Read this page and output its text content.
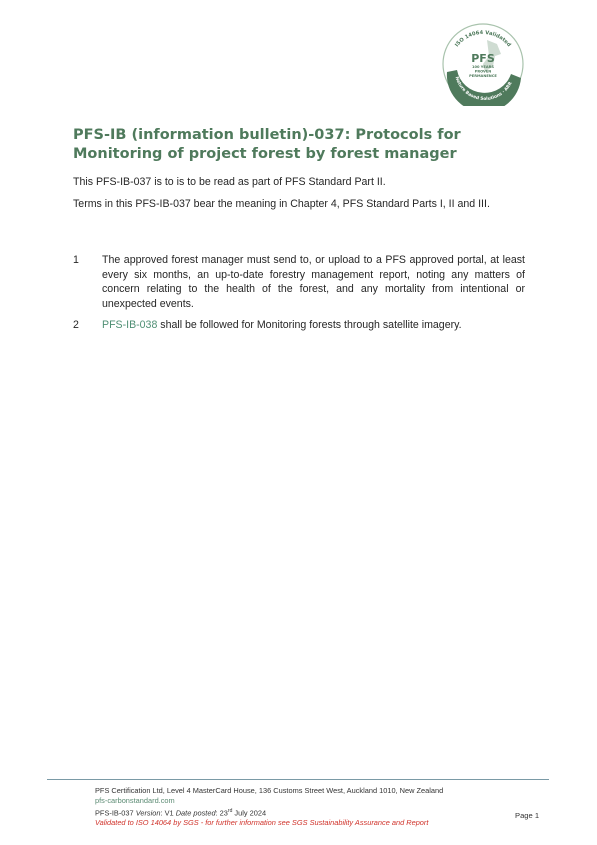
ISO 14064 Validated
PFS
100 YEARS
PROVEN
PERMANENCE
Nature Based Solutions · ARR
PFS-IB (information bulletin)-037: Protocols for Monitoring of project forest by forest manager

This PFS-IB-037 is to is to be read as part of PFS Standard Part II.

Terms in this PFS-IB-037 bear the meaning in Chapter 4, PFS Standard Parts I, II and III.

1 The approved forest manager must send to, or upload to a PFS approved portal, at least every six months, an up-to-date forestry management report, noting any matters of concern relating to the health of the forest, and any mortality from intentional or unexpected events.
2 PFS-IB-038 shall be followed for Monitoring forests through satellite imagery.
PFS Certification Ltd, Level 4 MasterCard House, 136 Customs Street West, Auckland 1010, New Zealand
pfs-carbonstandard.com
PFS-IB-037 Version: V1 Date posted: 23rd July 2024
Validated to ISO 14064 by SGS - for further information see SGS Sustainability Assurance and Report
Page 1
